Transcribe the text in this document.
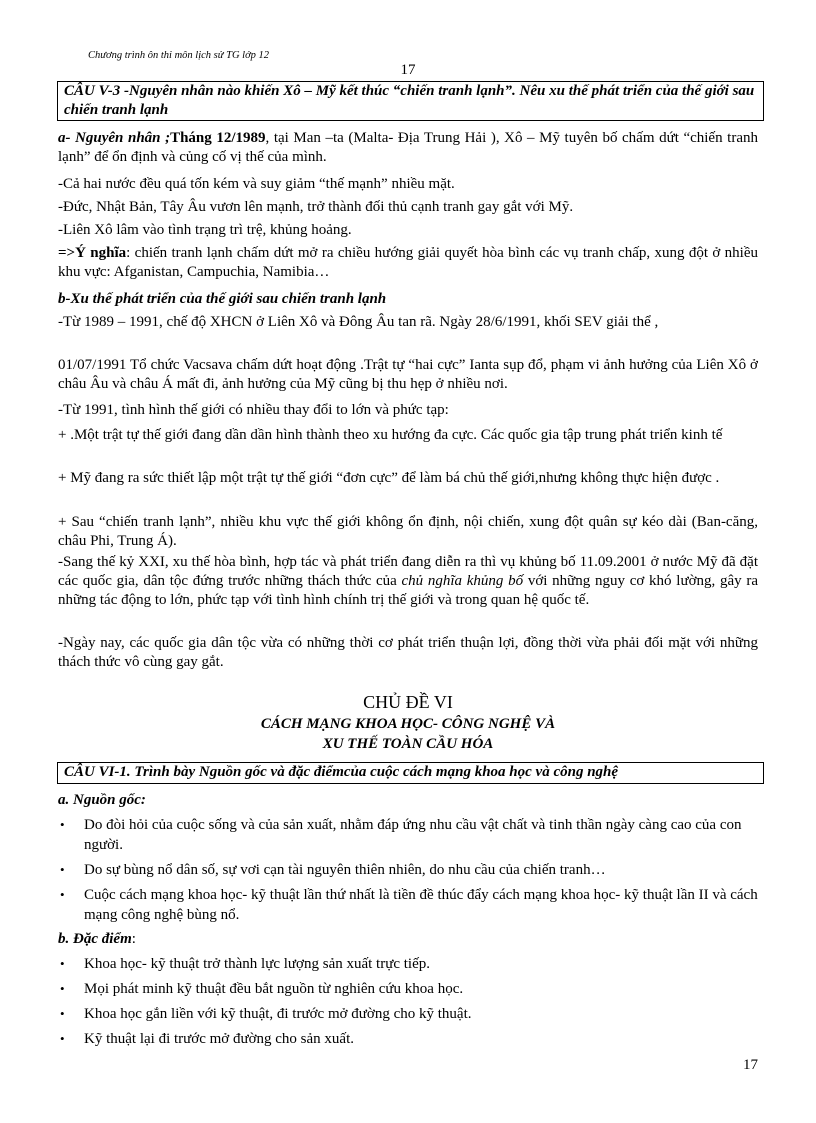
Chương trình ôn thi môn lịch sử TG lớp 12
17
CÂU V-3 -Nguyên nhân nào khiến Xô – Mỹ kết thúc “chiến tranh lạnh”. Nêu xu thế phát triển của thế giới sau chiến tranh lạnh
a- Nguyên nhân ;Tháng 12/1989, tại Man –ta (Malta- Địa Trung Hải ), Xô – Mỹ tuyên bố chấm dứt “chiến tranh lạnh” để ổn định và củng cố vị thế của mình.
-Cả hai nước đều quá tốn kém và suy giảm “thế mạnh” nhiều mặt.
-Đức, Nhật Bản, Tây Âu vươn lên mạnh, trở thành đối thủ cạnh tranh gay gắt với Mỹ.
-Liên Xô lâm vào tình trạng trì trệ, khủng hoảng.
=>Ý nghĩa: chiến tranh lạnh chấm dứt mở ra chiều hướng giải quyết hòa bình các vụ tranh chấp, xung đột ở nhiều khu vực: Afganistan, Campuchia, Namibia…
b-Xu thế phát triển của thế giới sau chiến tranh lạnh
-Từ 1989 – 1991, chế độ XHCN ở Liên Xô và Đông Âu tan rã. Ngày 28/6/1991, khối SEV giải thể ,
01/07/1991 Tổ chức Vacsava chấm dứt hoạt động .Trật tự “hai cực” Ianta sụp đổ, phạm vi ảnh hưởng của Liên Xô ở châu Âu và châu Á mất đi, ảnh hưởng của Mỹ cũng bị thu hẹp ở nhiều nơi.
-Từ 1991, tình hình thế giới có nhiều thay đổi to lớn và phức tạp:
+ .Một trật tự thế giới đang dần dần hình thành theo xu hướng đa cực. Các quốc gia tập trung phát triển kinh tế
+ Mỹ đang ra sức thiết lập một trật tự thế giới “đơn cực” để làm bá chủ thế giới,nhưng không thực hiện được .
+ Sau “chiến tranh lạnh”, nhiều khu vực thế giới không ổn định, nội chiến, xung đột quân sự kéo dài (Ban-căng, châu Phi, Trung Á).
-Sang thế kỷ XXI, xu thế hòa bình, hợp tác và phát triển đang diễn ra thì vụ khủng bố 11.09.2001 ở nước Mỹ đã đặt các quốc gia, dân tộc đứng trước những thách thức của chủ nghĩa khủng bố với những nguy cơ khó lường, gây ra những tác động to lớn, phức tạp với tình hình chính trị thế giới và trong quan hệ quốc tế.
-Ngày nay, các quốc gia dân tộc vừa có những thời cơ phát triển thuận lợi, đồng thời vừa phải đối mặt với những thách thức vô cùng gay gắt.
CHỦ ĐỀ VI
CÁCH MẠNG KHOA HỌC- CÔNG NGHỆ VÀ
XU THẾ TOÀN CẦU HÓA
CÂU VI-1. Trình bày Nguồn gốc và đặc điểmcủa cuộc cách mạng khoa học và công nghệ
a. Nguồn gốc:
• Do đòi hỏi của cuộc sống và của sản xuất, nhằm đáp ứng nhu cầu vật chất và tinh thần ngày càng cao của con người.
• Do sự bùng nổ dân số, sự vơi cạn tài nguyên thiên nhiên, do nhu cầu của chiến tranh…
• Cuộc cách mạng khoa học- kỹ thuật lần thứ nhất là tiền đề thúc đẩy cách mạng khoa học- kỹ thuật lần II và cách mạng công nghệ bùng nổ.
b. Đặc điểm:
• Khoa học- kỹ thuật trở thành lực lượng sản xuất trực tiếp.
• Mọi phát minh kỹ thuật đều bắt nguồn từ nghiên cứu khoa học.
• Khoa học gắn liền với kỹ thuật, đi trước mở đường cho kỹ thuật.
• Kỹ thuật lại đi trước mở đường cho sản xuất.
17
